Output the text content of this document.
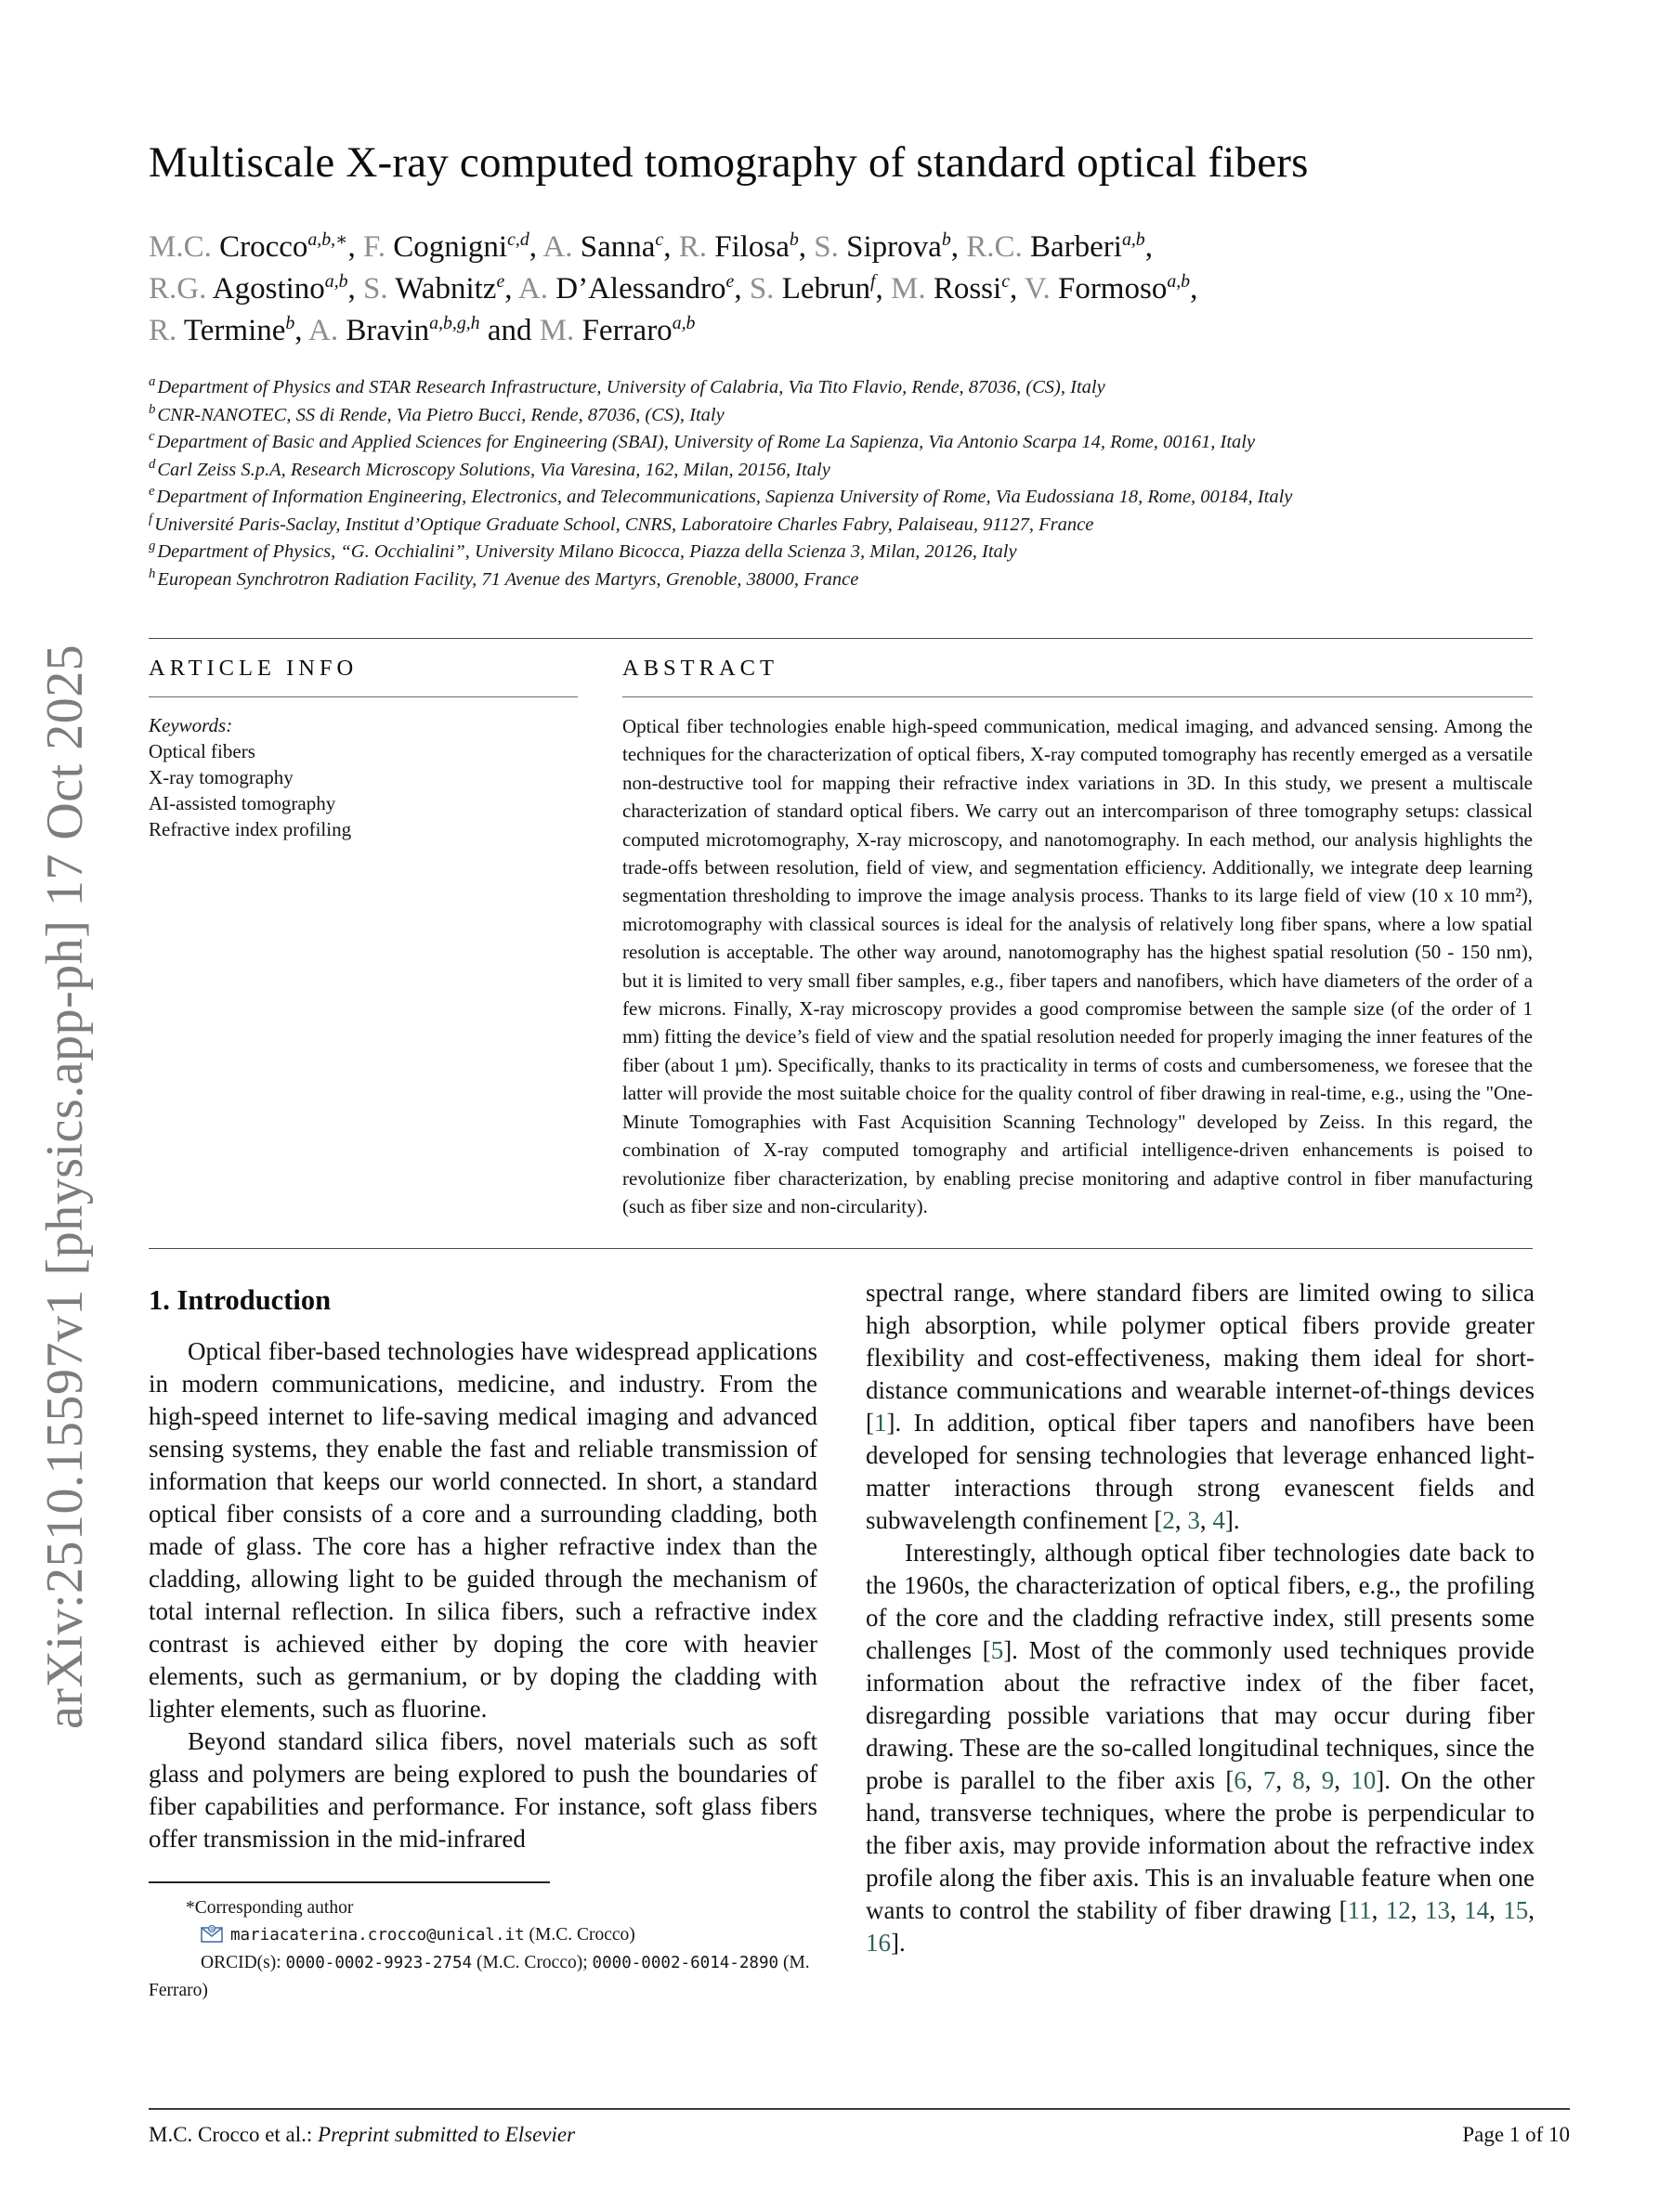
arXiv:2510.15597v1 [physics.app-ph] 17 Oct 2025
Multiscale X-ray computed tomography of standard optical fibers
M.C. Crocco$^{a,b,∗}$, F. Cognigni$^{c,d}$, A. Sanna$^c$, R. Filosa$^b$, S. Siprova$^b$, R.C. Barberi$^{a,b}$,
R.G. Agostino$^{a,b}$, S. Wabnitz$^e$, A. D’Alessandro$^e$, S. Lebrun$^f$, M. Rossi$^c$, V. Formoso$^{a,b}$,
R. Termine$^b$, A. Bravin$^{a,b,g,h}$ and M. Ferraro$^{a,b}$
$^a$Department of Physics and STAR Research Infrastructure, University of Calabria, Via Tito Flavio, Rende, 87036, (CS), Italy
$^b$CNR-NANOTEC, SS di Rende, Via Pietro Bucci, Rende, 87036, (CS), Italy
$^c$Department of Basic and Applied Sciences for Engineering (SBAI), University of Rome La Sapienza, Via Antonio Scarpa 14, Rome, 00161, Italy
$^d$Carl Zeiss S.p.A, Research Microscopy Solutions, Via Varesina, 162, Milan, 20156, Italy
$^e$Department of Information Engineering, Electronics, and Telecommunications, Sapienza University of Rome, Via Eudossiana 18, Rome, 00184, Italy
$^f$Université Paris-Saclay, Institut d’Optique Graduate School, CNRS, Laboratoire Charles Fabry, Palaiseau, 91127, France
$^g$Department of Physics, “G. Occhialini”, University Milano Bicocca, Piazza della Scienza 3, Milan, 20126, Italy
$^h$European Synchrotron Radiation Facility, 71 Avenue des Martyrs, Grenoble, 38000, France
ARTICLE INFO
Keywords:
Optical fibers
X-ray tomography
AI-assisted tomography
Refractive index profiling
ABSTRACT
Optical fiber technologies enable high-speed communication, medical imaging, and advanced sensing. Among the techniques for the characterization of optical fibers, X-ray computed tomography has recently emerged as a versatile non-destructive tool for mapping their refractive index variations in 3D. In this study, we present a multiscale characterization of standard optical fibers. We carry out an intercomparison of three tomography setups: classical computed microtomography, X-ray microscopy, and nanotomography. In each method, our analysis highlights the trade-offs between resolution, field of view, and segmentation efficiency. Additionally, we integrate deep learning segmentation thresholding to improve the image analysis process. Thanks to its large field of view (10 x 10 mm²), microtomography with classical sources is ideal for the analysis of relatively long fiber spans, where a low spatial resolution is acceptable. The other way around, nanotomography has the highest spatial resolution (50 - 150 nm), but it is limited to very small fiber samples, e.g., fiber tapers and nanofibers, which have diameters of the order of a few microns. Finally, X-ray microscopy provides a good compromise between the sample size (of the order of 1 mm) fitting the device’s field of view and the spatial resolution needed for properly imaging the inner features of the fiber (about 1 µm). Specifically, thanks to its practicality in terms of costs and cumbersomeness, we foresee that the latter will provide the most suitable choice for the quality control of fiber drawing in real-time, e.g., using the "One-Minute Tomographies with Fast Acquisition Scanning Technology" developed by Zeiss. In this regard, the combination of X-ray computed tomography and artificial intelligence-driven enhancements is poised to revolutionize fiber characterization, by enabling precise monitoring and adaptive control in fiber manufacturing (such as fiber size and non-circularity).
1. Introduction

Optical fiber-based technologies have widespread applications in modern communications, medicine, and industry. From the high-speed internet to life-saving medical imaging and advanced sensing systems, they enable the fast and reliable transmission of information that keeps our world connected. In short, a standard optical fiber consists of a core and a surrounding cladding, both made of glass. The core has a higher refractive index than the cladding, allowing light to be guided through the mechanism of total internal reflection. In silica fibers, such a refractive index contrast is achieved either by doping the core with heavier elements, such as germanium, or by doping the cladding with lighter elements, such as fluorine.

Beyond standard silica fibers, novel materials such as soft glass and polymers are being explored to push the boundaries of fiber capabilities and performance. For instance, soft glass fibers offer transmission in the mid-infrared

*Corresponding author
@ mariacaterina.crocco@unical.it (M.C. Crocco)
ORCID(s): 0000-0002-9923-2754 (M.C. Crocco); 0000-0002-6014-2890 (M. Ferraro)

spectral range, where standard fibers are limited owing to silica high absorption, while polymer optical fibers provide greater flexibility and cost-effectiveness, making them ideal for short-distance communications and wearable internet-of-things devices [1]. In addition, optical fiber tapers and nanofibers have been developed for sensing technologies that leverage enhanced light-matter interactions through strong evanescent fields and subwavelength confinement [2, 3, 4].

Interestingly, although optical fiber technologies date back to the 1960s, the characterization of optical fibers, e.g., the profiling of the core and the cladding refractive index, still presents some challenges [5]. Most of the commonly used techniques provide information about the refractive index of the fiber facet, disregarding possible variations that may occur during fiber drawing. These are the so-called longitudinal techniques, since the probe is parallel to the fiber axis [6, 7, 8, 9, 10]. On the other hand, transverse techniques, where the probe is perpendicular to the fiber axis, may provide information about the refractive index profile along the fiber axis. This is an invaluable feature when one wants to control the stability of fiber drawing [11, 12, 13, 14, 15, 16].

M.C. Crocco et al.: Preprint submitted to Elsevier	Page 1 of 10
